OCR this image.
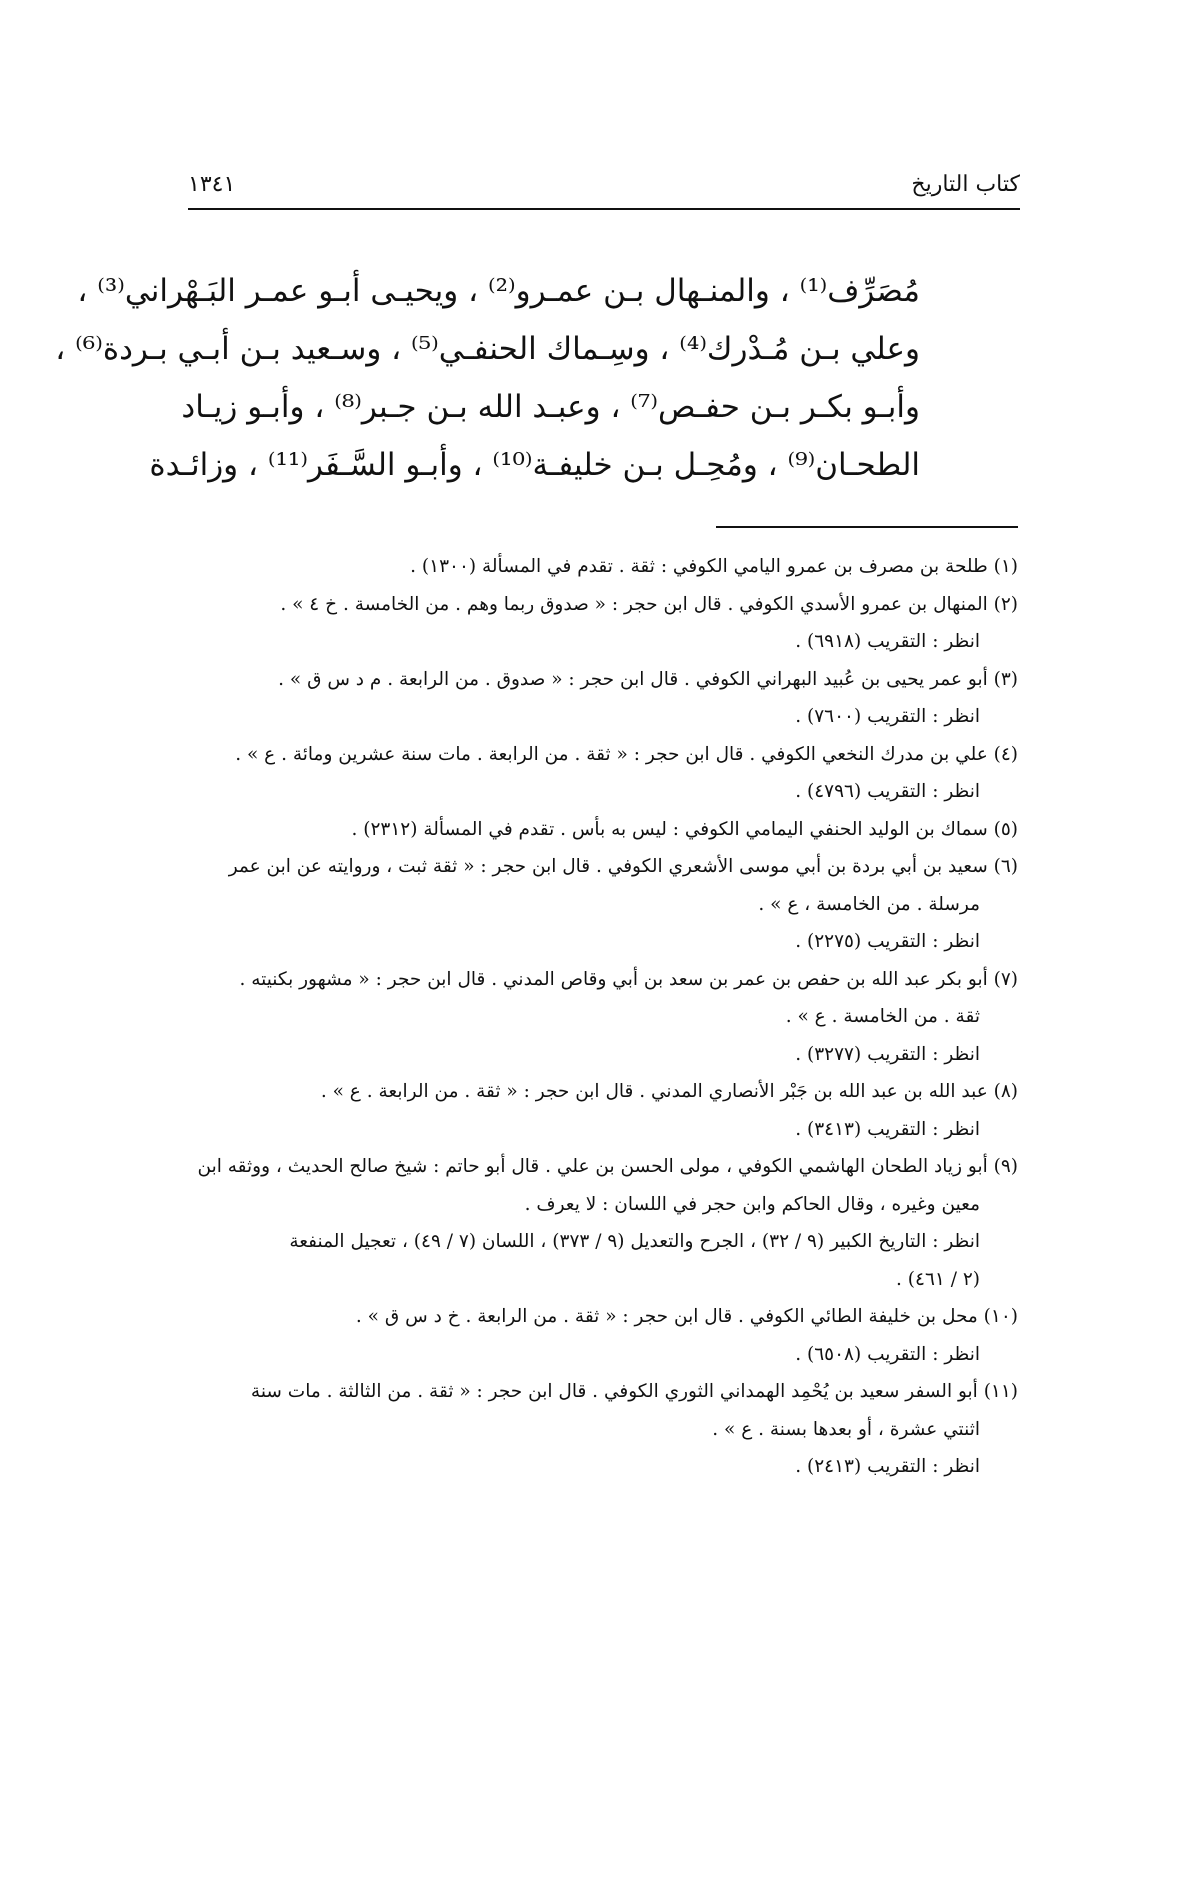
كتاب التاريخ
١٣٤١
مُصَرِّف⁽¹⁾ ، والمنـهال بـن عمـرو⁽²⁾ ، ويحيـى أبـو عمـر البَـهْراني⁽³⁾ ،
وعلي بـن مُـدْرك⁽⁴⁾ ، وسِـماك الحنفـي⁽⁵⁾ ، وسـعيد بـن أبـي بـردة⁽⁶⁾ ،
وأبـو بكـر بـن حفـص⁽⁷⁾ ، وعبـد الله بـن جـبر⁽⁸⁾ ، وأبـو زيـاد
الطحـان⁽⁹⁾ ، ومُحِـل بـن خليفـة⁽¹⁰⁾ ، وأبـو السَّـفَر⁽¹¹⁾ ، وزائـدة
(١) طلحة بن مصرف بن عمرو اليامي الكوفي : ثقة . تقدم في المسألة (١٣٠٠) .
(٢) المنهال بن عمرو الأسدي الكوفي . قال ابن حجر : « صدوق ربما وهم . من الخامسة . خ ٤ » .
انظر : التقريب (٦٩١٨) .
(٣) أبو عمر يحيى بن عُبيد البهراني الكوفي . قال ابن حجر : « صدوق . من الرابعة . م د س ق » .
انظر : التقريب (٧٦٠٠) .
(٤) علي بن مدرك النخعي الكوفي . قال ابن حجر : « ثقة . من الرابعة . مات سنة عشرين ومائة . ع » .
انظر : التقريب (٤٧٩٦) .
(٥) سماك بن الوليد الحنفي اليمامي الكوفي : ليس به بأس . تقدم في المسألة (٢٣١٢) .
(٦) سعيد بن أبي بردة بن أبي موسى الأشعري الكوفي . قال ابن حجر : « ثقة ثبت ، وروايته عن ابن عمر
مرسلة . من الخامسة ، ع » .
انظر : التقريب (٢٢٧٥) .
(٧) أبو بكر عبد الله بن حفص بن عمر بن سعد بن أبي وقاص المدني . قال ابن حجر : « مشهور بكنيته .
ثقة . من الخامسة . ع » .
انظر : التقريب (٣٢٧٧) .
(٨) عبد الله بن عبد الله بن جَبْر الأنصاري المدني . قال ابن حجر : « ثقة . من الرابعة . ع » .
انظر : التقريب (٣٤١٣) .
(٩) أبو زياد الطحان الهاشمي الكوفي ، مولى الحسن بن علي . قال أبو حاتم : شيخ صالح الحديث ، ووثقه ابن
معين وغيره ، وقال الحاكم وابن حجر في اللسان : لا يعرف .
انظر : التاريخ الكبير (٩ / ٣٢) ، الجرح والتعديل (٩ / ٣٧٣) ، اللسان (٧ / ٤٩) ، تعجيل المنفعة
(٢ / ٤٦١) .
(١٠) محل بن خليفة الطائي الكوفي . قال ابن حجر : « ثقة . من الرابعة . خ د س ق » .
انظر : التقريب (٦٥٠٨) .
(١١) أبو السفر سعيد بن يُحْمِد الهمداني الثوري الكوفي . قال ابن حجر : « ثقة . من الثالثة . مات سنة
اثنتي عشرة ، أو بعدها بسنة . ع » .
انظر : التقريب (٢٤١٣) .
